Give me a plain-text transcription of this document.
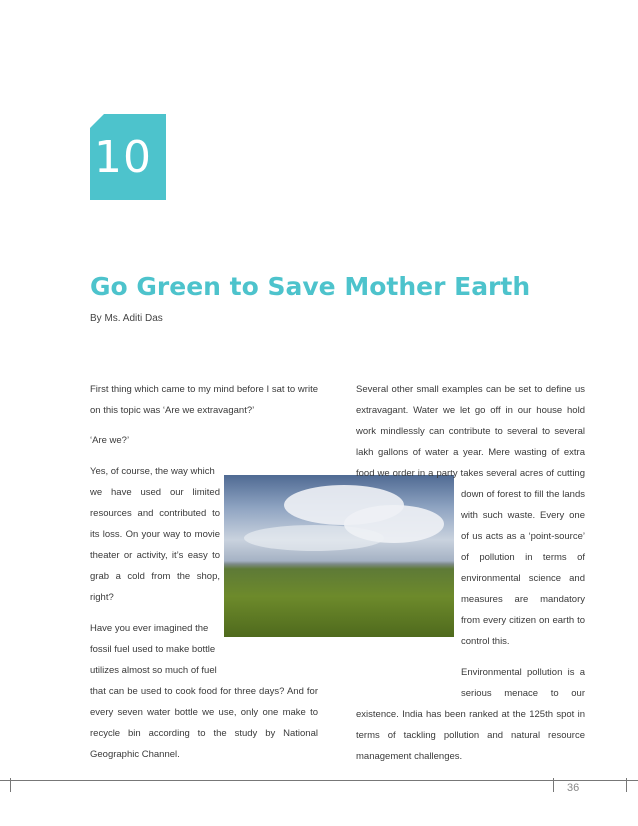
10
Go Green to Save Mother Earth
By Ms. Aditi Das

First thing which came to my mind before I sat to write

on this topic was ‘Are we extravagant?’

‘Are we?’

Yes, of course, the way which

we have used our limited

resources and contributed to

its loss. On your way to movie

theater or activity, it’s easy to

grab a cold from the shop,

right?

Have you ever imagined the

fossil fuel used to make bottle

utilizes almost so much of fuel

that can be used to cook food for three days? And for

every seven water bottle we use, only one make to

recycle bin according to the study by National

Geographic Channel.

Several other small examples can be set to define us

extravagant. Water we let go off in our house hold

work mindlessly can contribute to several to several

lakh gallons of water a year. Mere wasting of extra

food we order in a party takes several acres of cutting

down of forest to fill the lands

with such waste. Every one

of us acts as a ‘point-source’

of pollution in terms of

environmental science and

measures are mandatory

from every citizen on earth to

control this.

Environmental pollution is a

serious menace to our

existence. India has been ranked at the 125th spot in

terms of tackling pollution and natural resource

management challenges.

36
